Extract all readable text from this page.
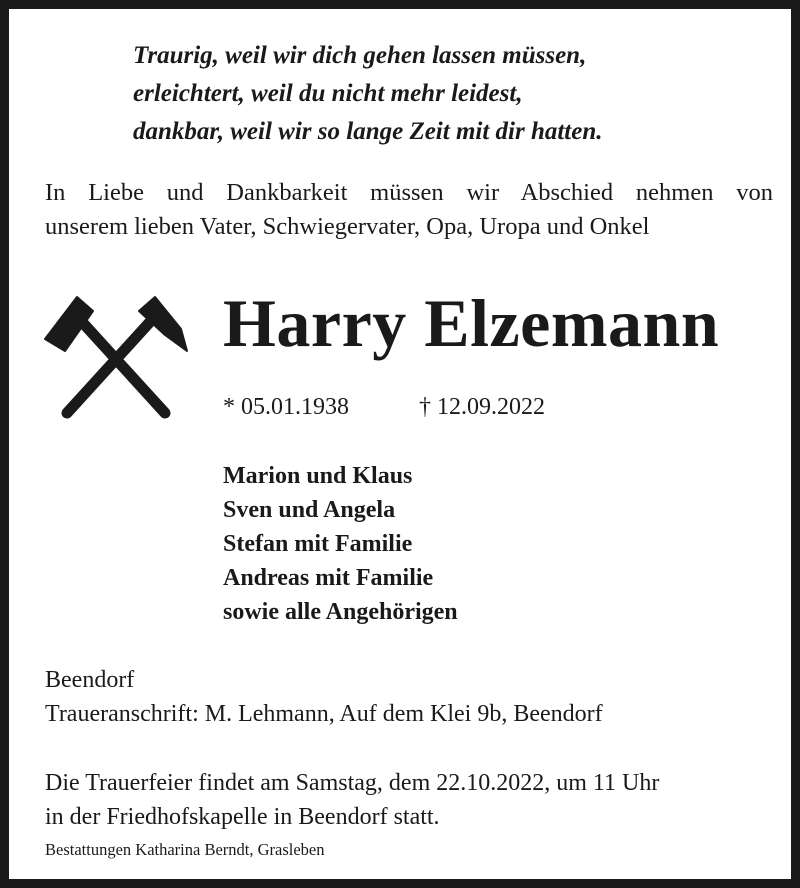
Traurig, weil wir dich gehen lassen müssen,
erleichtert, weil du nicht mehr leidest,
dankbar, weil wir so lange Zeit mit dir hatten.

In Liebe und Dankbarkeit müssen wir Abschied nehmen von
unserem lieben Vater, Schwiegervater, Opa, Uropa und Onkel

Harry Elzemann

* 05.01.1938	† 12.09.2022

Marion und Klaus
Sven und Angela
Stefan mit Familie
Andreas mit Familie
sowie alle Angehörigen

Beendorf
Traueranschrift: M. Lehmann, Auf dem Klei 9b, Beendorf

Die Trauerfeier findet am Samstag, dem 22.10.2022, um 11 Uhr
in der Friedhofskapelle in Beendorf statt.

Bestattungen Katharina Berndt, Grasleben
